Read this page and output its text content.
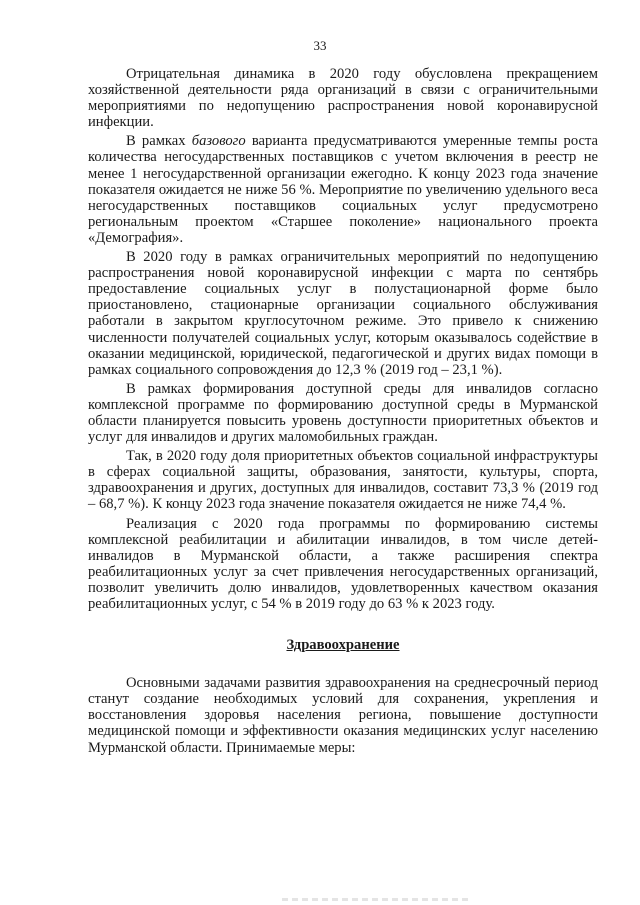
33

Отрицательная динамика в 2020 году обусловлена прекращением хозяйственной деятельности ряда организаций в связи с ограничительными мероприятиями по недопущению распространения новой коронавирусной инфекции.

В рамках базового варианта предусматриваются умеренные темпы роста количества негосударственных поставщиков с учетом включения в реестр не менее 1 негосударственной организации ежегодно. К концу 2023 года значение показателя ожидается не ниже 56 %. Мероприятие по увеличению удельного веса негосударственных поставщиков социальных услуг предусмотрено региональным проектом «Старшее поколение» национального проекта «Демография».

В 2020 году в рамках ограничительных мероприятий по недопущению распространения новой коронавирусной инфекции с марта по сентябрь предоставление социальных услуг в полустационарной форме было приостановлено, стационарные организации социального обслуживания работали в закрытом круглосуточном режиме. Это привело к снижению численности получателей социальных услуг, которым оказывалось содействие в оказании медицинской, юридической, педагогической и других видах помощи в рамках социального сопровождения до 12,3 % (2019 год – 23,1 %).

В рамках формирования доступной среды для инвалидов согласно комплексной программе по формированию доступной среды в Мурманской области планируется повысить уровень доступности приоритетных объектов и услуг для инвалидов и других маломобильных граждан.

Так, в 2020 году доля приоритетных объектов социальной инфраструктуры в сферах социальной защиты, образования, занятости, культуры, спорта, здравоохранения и других, доступных для инвалидов, составит 73,3 % (2019 год – 68,7 %). К концу 2023 года значение показателя ожидается не ниже 74,4 %.

Реализация с 2020 года программы по формированию системы комплексной реабилитации и абилитации инвалидов, в том числе детей-инвалидов в Мурманской области, а также расширения спектра реабилитационных услуг за счет привлечения негосударственных организаций, позволит увеличить долю инвалидов, удовлетворенных качеством оказания реабилитационных услуг, с 54 % в 2019 году до 63 % к 2023 году.

Здравоохранение

Основными задачами развития здравоохранения на среднесрочный период станут создание необходимых условий для сохранения, укрепления и восстановления здоровья населения региона, повышение доступности медицинской помощи и эффективности оказания медицинских услуг населению Мурманской области. Принимаемые меры:
